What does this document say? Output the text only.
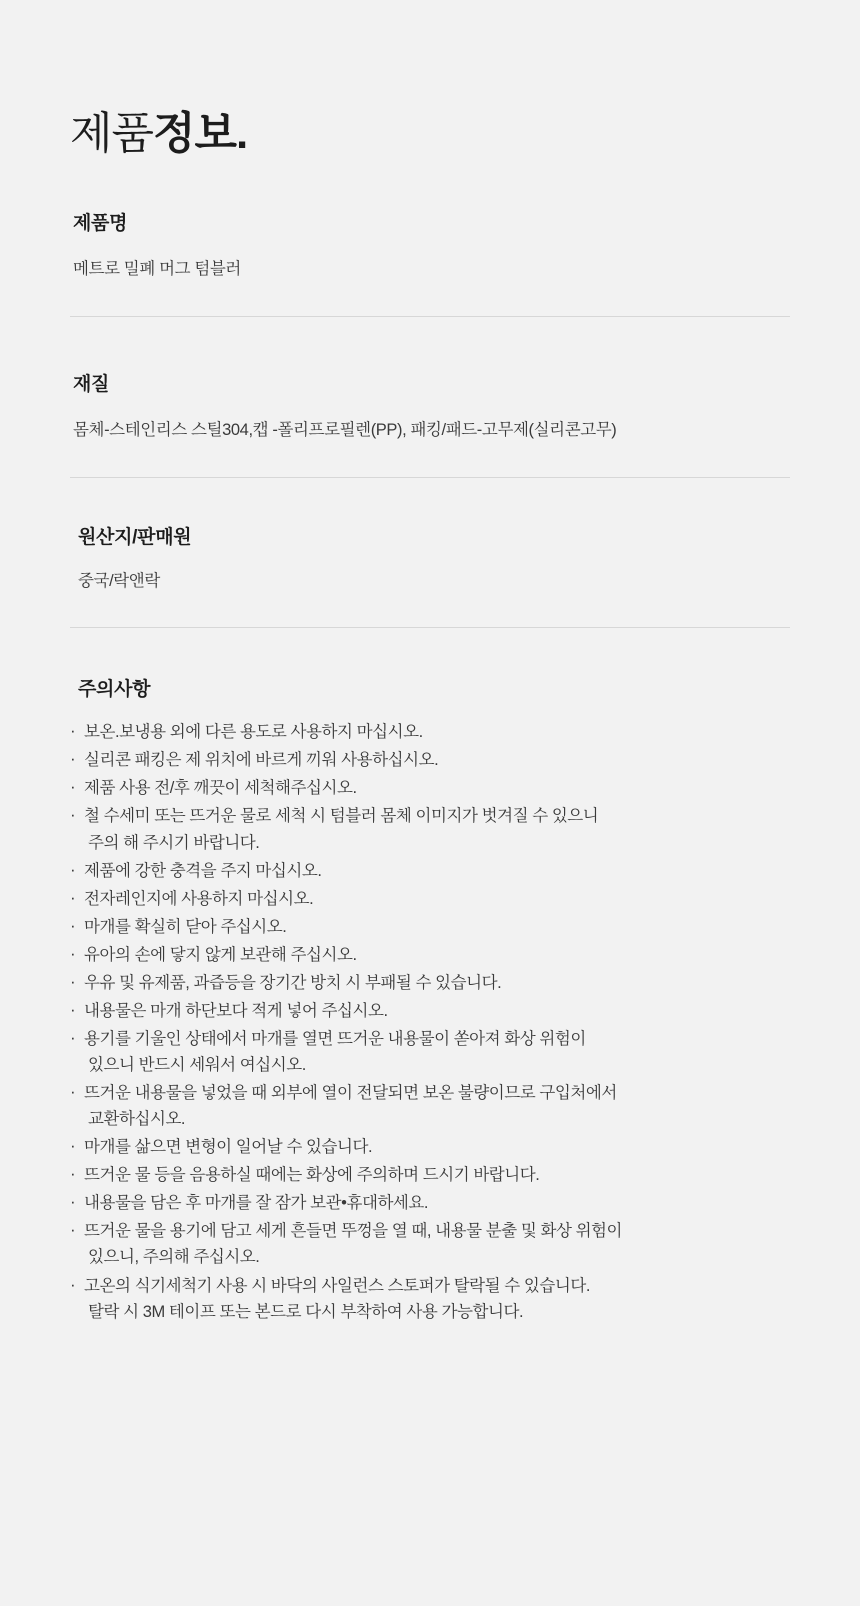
제품정보.
제품명
메트로 밀폐 머그 텀블러
재질
몸체-스테인리스 스틸304,캡 -폴리프로필렌(PP), 패킹/패드-고무제(실리콘고무)
원산지/판매원
중국/락앤락
주의사항
· 보온.보냉용 외에 다른 용도로 사용하지 마십시오.
· 실리콘 패킹은 제 위치에 바르게 끼워 사용하십시오.
· 제품 사용 전/후 깨끗이 세척해주십시오.
· 철 수세미 또는 뜨거운 물로 세척 시 텀블러 몸체 이미지가 벗겨질 수 있으니
주의 해 주시기 바랍니다.
· 제품에 강한 충격을 주지 마십시오.
· 전자레인지에 사용하지 마십시오.
· 마개를 확실히 닫아 주십시오.
· 유아의 손에 닿지 않게 보관해 주십시오.
· 우유 및 유제품, 과즙등을 장기간 방치 시 부패될 수 있습니다.
· 내용물은 마개 하단보다 적게 넣어 주십시오.
· 용기를 기울인 상태에서 마개를 열면 뜨거운 내용물이 쏟아져 화상 위험이
있으니 반드시 세워서 여십시오.
· 뜨거운 내용물을 넣었을 때 외부에 열이 전달되면 보온 불량이므로 구입처에서
교환하십시오.
· 마개를 삶으면 변형이 일어날 수 있습니다.
· 뜨거운 물 등을 음용하실 때에는 화상에 주의하며 드시기 바랍니다.
· 내용물을 담은 후 마개를 잘 잠가 보관•휴대하세요.
· 뜨거운 물을 용기에 담고 세게 흔들면 뚜껑을 열 때, 내용물 분출 및 화상 위험이
있으니, 주의해 주십시오.
· 고온의 식기세척기 사용 시 바닥의 사일런스 스토퍼가 탈락될 수 있습니다.
탈락 시 3M 테이프 또는 본드로 다시 부착하여 사용 가능합니다.
